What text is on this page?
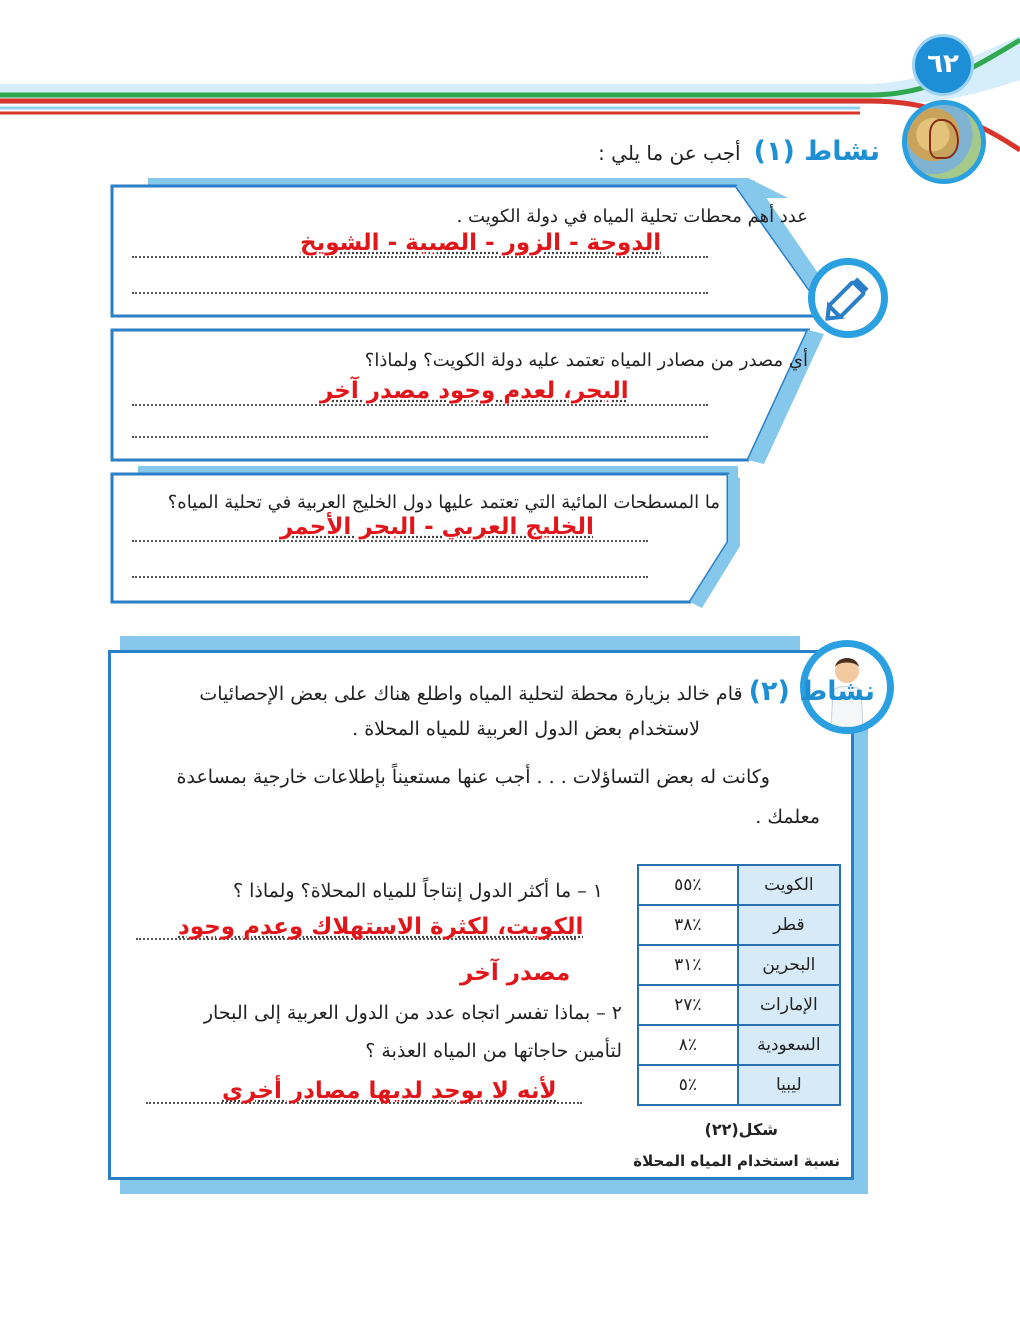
٦٢
نشاط (١) أجب عن ما يلي :
عدد أهم محطات تحلية المياه في دولة الكويت .
الدوحة - الزور - الصبية - الشويخ
أي مصدر من مصادر المياه تعتمد عليه دولة الكويت؟ ولماذا؟
البحر، لعدم وجود مصدر آخر
ما المسطحات المائية التي تعتمد عليها دول الخليج العربية في تحلية المياه؟
الخليج العربي - البحر الأحمر
نشاط (٢) قام خالد بزيارة محطة لتحلية المياه واطلع هناك على بعض الإحصائيات
لاستخدام بعض الدول العربية للمياه المحلاة .
وكانت له بعض التساؤلات . . . أجب عنها مستعيناً بإطلاعات خارجية بمساعدة
معلمك .
١ – ما أكثر الدول إنتاجاً للمياه المحلاة؟ ولماذا ؟
الكويت، لكثرة الاستهلاك وعدم وجود
مصدر آخر
٢ – بماذا تفسر اتجاه عدد من الدول العربية إلى البحار
لتأمين حاجاتها من المياه العذبة ؟
لأنه لا يوجد لديها مصادر أخرى
الكويت	٪٥٥
قطر	٪٣٨
البحرين	٪٣١
الإمارات	٪٢٧
السعودية	٪٨
ليبيا	٪٥
شكل(٢٢)
نسبة استخدام المياه المحلاة
